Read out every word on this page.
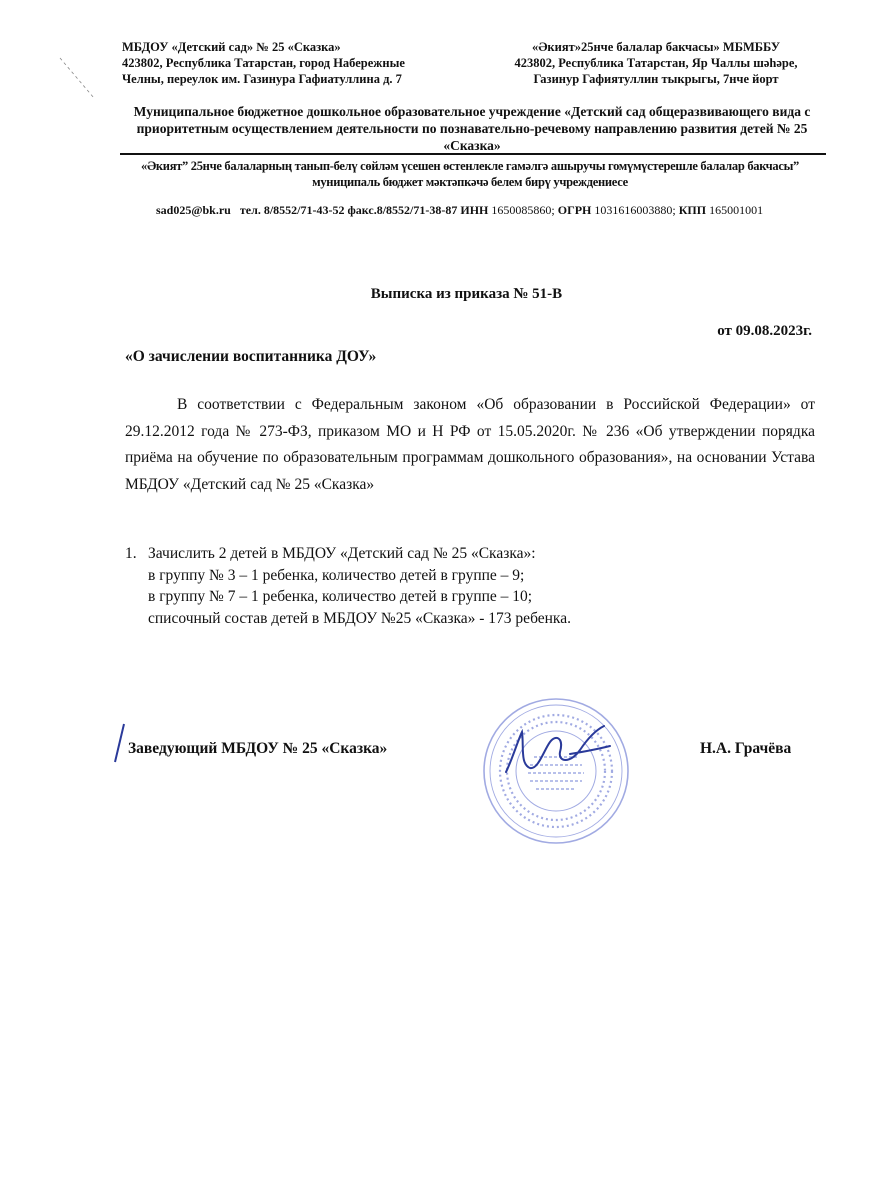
МБДОУ «Детский сад» № 25 «Сказка»
423802, Республика Татарстан, город Набережные
Челны, переулок им. Газинура Гафиатуллина д. 7
«Әкият»25нче балалар бакчасы» МБМББУ
423802, Республика Татарстан, Яр Чаллы шәһәре,
Газинур Гафиятуллин тыкрыгы, 7нче йорт
Муниципальное бюджетное дошкольное образовательное учреждение «Детский сад общеразвивающего вида с приоритетным осуществлением деятельности по познавательно-речевому направлению развития детей № 25 «Сказка»
«Әкият” 25нче балаларның танып-белү сөйләм үсешен өстенлекле гамәлгә ашыручы гомүмүстерешле балалар бакчасы” муниципаль бюджет мәктәпкәчә белем бирү учреждениесе
sad025@bk.ru тел. 8/8552/71-43-52 факс.8/8552/71-38-87 ИНН 1650085860; ОГРН 1031616003880; КПП 165001001
Выписка из приказа № 51-В
от 09.08.2023г.
«О зачислении воспитанника ДОУ»
В соответствии с Федеральным законом «Об образовании в Российской Федерации» от 29.12.2012 года № 273-ФЗ, приказом МО и Н РФ от 15.05.2020г. № 236 «Об утверждении порядка приёма на обучение по образовательным программам дошкольного образования», на основании Устава МБДОУ «Детский сад № 25 «Сказка»
1. Зачислить 2 детей в МБДОУ «Детский сад № 25 «Сказка»:
в группу № 3 – 1 ребенка, количество детей в группе – 9;
в группу № 7 – 1 ребенка, количество детей в группе – 10;
списочный состав детей в МБДОУ №25 «Сказка» - 173 ребенка.
Заведующий МБДОУ № 25 «Сказка»	Н.А. Грачёва
